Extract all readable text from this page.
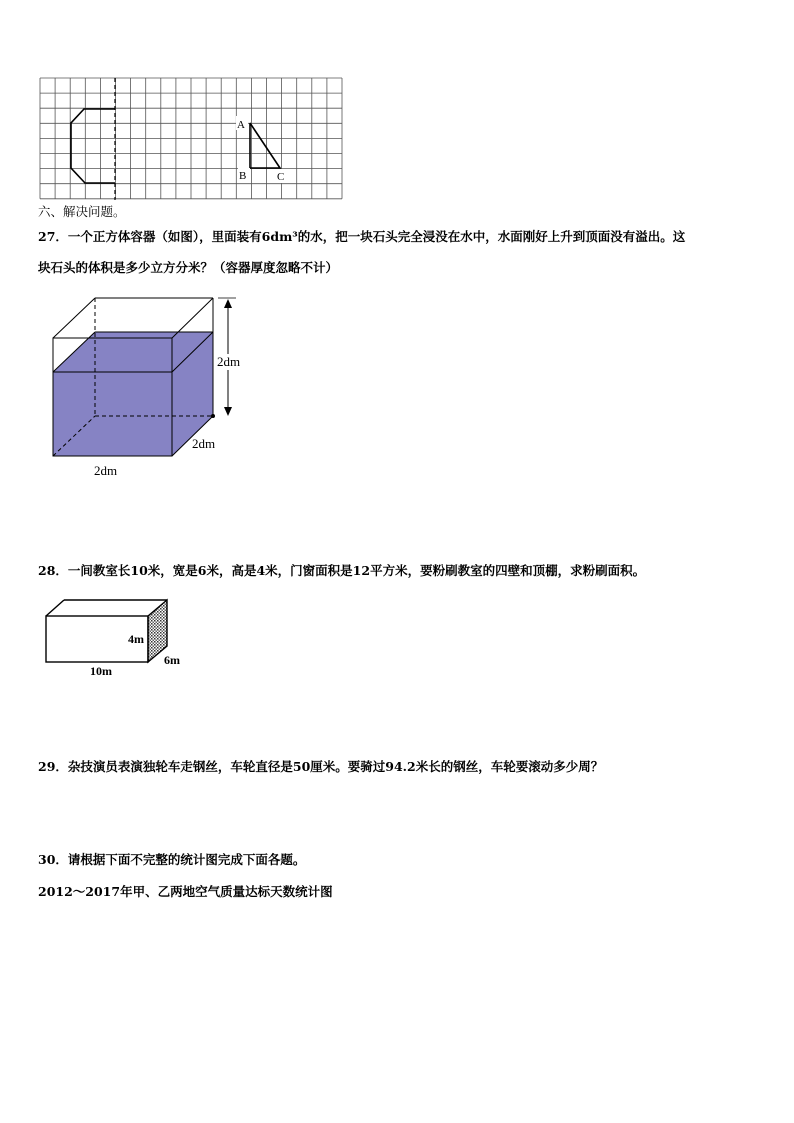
A
B	C
六、解决问题。
27．一个正方体容器（如图），里面装有6dm³的水，把一块石头完全浸没在水中，水面刚好上升到顶面没有溢出。这
块石头的体积是多少立方分米？（容器厚度忽略不计）
2dm
2dm
2dm
28．一间教室长10米，宽是6米，高是4米，门窗面积是12平方米，要粉刷教室的四壁和顶棚，求粉刷面积。
4m
6m
10m
29．杂技演员表演独轮车走钢丝，车轮直径是50厘米。要骑过94.2米长的钢丝，车轮要滚动多少周？
30．请根据下面不完整的统计图完成下面各题。
2012～2017年甲、乙两地空气质量达标天数统计图
